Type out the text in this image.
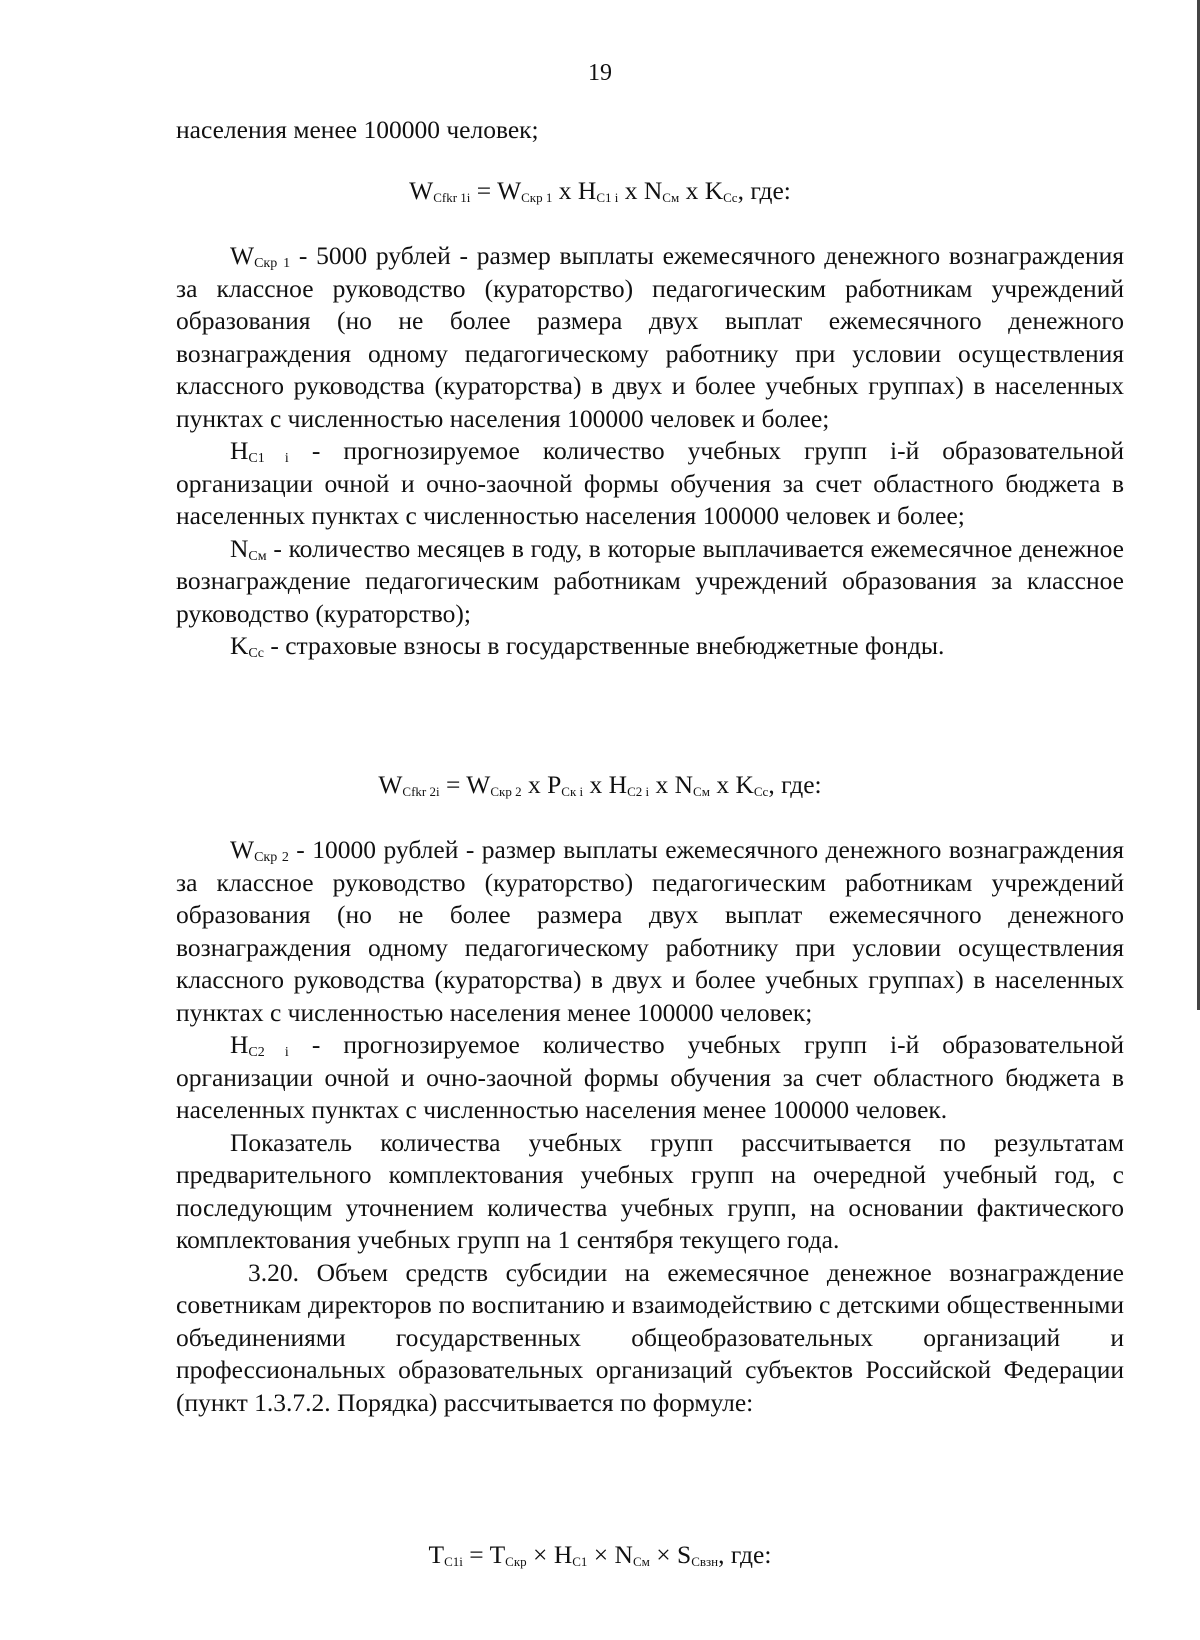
19

населения менее 100000 человек;

$W_{Cfkr 1i} = W_{Скр 1}$ x $H_{C1 i}$ x $N_{См}$ x $K_{Cc}$, где:

$W_{Скр 1} - 5000$ рублей - размер выплаты ежемесячного денежного вознаграждения за классное руководство (кураторство) педагогическим работникам учреждений образования (но не более размера двух выплат ежемесячного денежного вознаграждения одному педагогическому работнику при условии осуществления классного руководства (кураторства) в двух и более учебных группах) в населенных пунктах с численностью населения 100000 человек и более;

$H_{C1 i}$ - прогнозируемое количество учебных групп i-й образовательной организации очной и очно-заочной формы обучения за счет областного бюджета в населенных пунктах с численностью населения 100000 человек и более;

$N_{См}$ - количество месяцев в году, в которые выплачивается ежемесячное денежное вознаграждение педагогическим работникам учреждений образования за классное руководство (кураторство);

$K_{Cc}$ - страховые взносы в государственные внебюджетные фонды.

$W_{Cfkr 2i} = W_{Скр 2}$ x $P_{Ск i}$ x $H_{C2 i}$ x $N_{См}$ x $K_{Cc}$, где:

$W_{Скр 2} - 10000$ рублей - размер выплаты ежемесячного денежного вознаграждения за классное руководство (кураторство) педагогическим работникам учреждений образования (но не более размера двух выплат ежемесячного денежного вознаграждения одному педагогическому работнику при условии осуществления классного руководства (кураторства) в двух и более учебных группах) в населенных пунктах с численностью населения менее 100000 человек;

$H_{C2 i}$ - прогнозируемое количество учебных групп i-й образовательной организации очной и очно-заочной формы обучения за счет областного бюджета в населенных пунктах с численностью населения менее 100000 человек.

Показатель количества учебных групп рассчитывается по результатам предварительного комплектования учебных групп на очередной учебный год, с последующим уточнением количества учебных групп, на основании фактического комплектования учебных групп на 1 сентября текущего года.

3.20. Объем средств субсидии на ежемесячное денежное вознаграждение советникам директоров по воспитанию и взаимодействию с детскими общественными объединениями государственных общеобразовательных организаций и профессиональных образовательных организаций субъектов Российской Федерации (пункт 1.3.7.2. Порядка) рассчитывается по формуле:

$T_{C1i} = T_{Скр} \times H_{C1} \times N_{См} \times S_{Свзн}$, где:
